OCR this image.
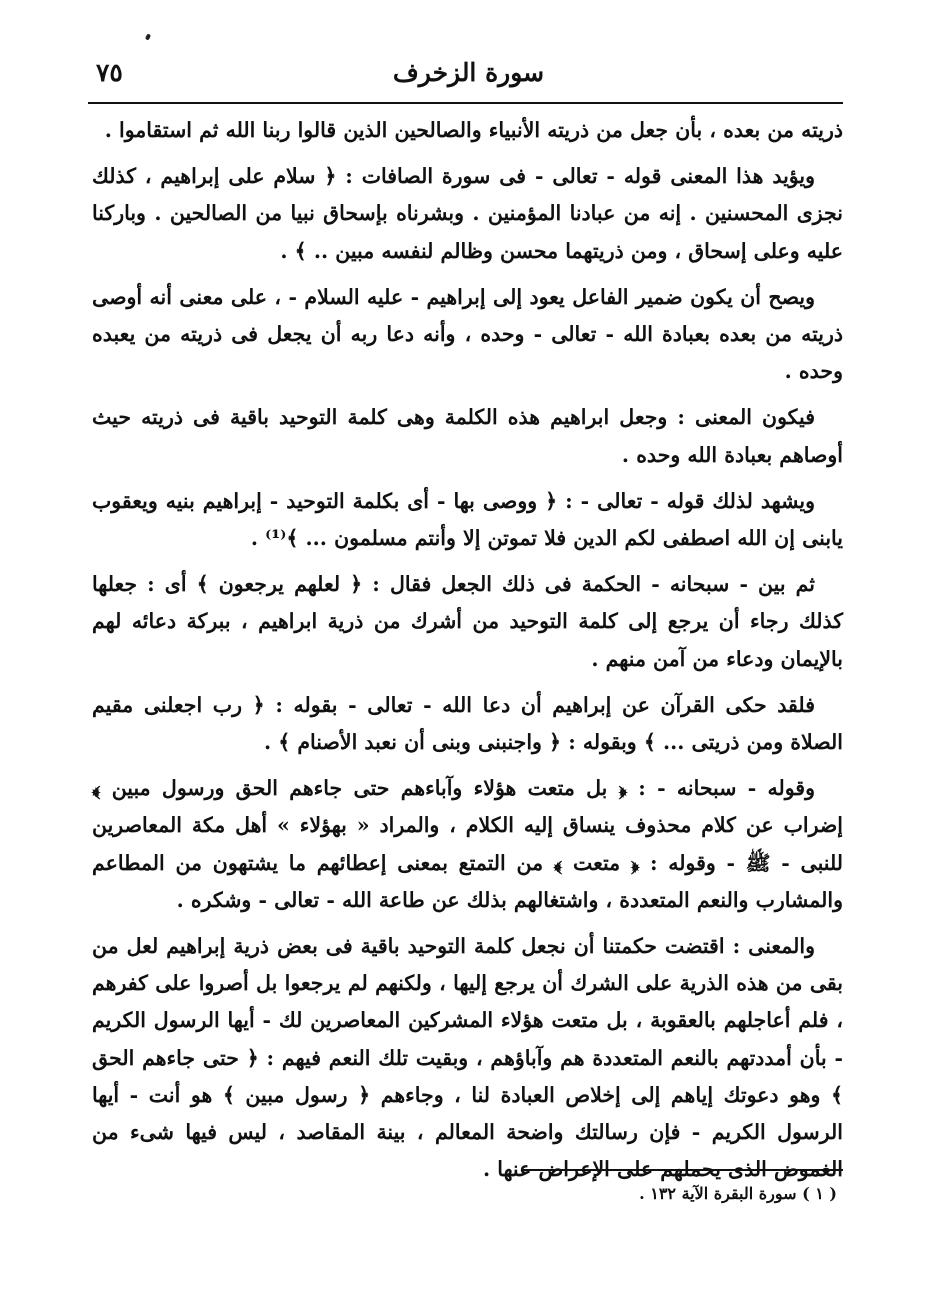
سورة الزخرف
٧٥

ذريته من بعده ، بأن جعل من ذريته الأنبياء والصالحين الذين قالوا ربنا الله ثم استقاموا .

ويؤيد هذا المعنى قوله - تعالى - فى سورة الصافات : ﴿ سلام على إبراهيم ، كذلك نجزى المحسنين . إنه من عبادنا المؤمنين . وبشرناه بإسحاق نبيا من الصالحين . وباركنا عليه وعلى إسحاق ، ومن ذريتهما محسن وظالم لنفسه مبين .. ﴾ .

ويصح أن يكون ضمير الفاعل يعود إلى إبراهيم - عليه السلام - ، على معنى أنه أوصى ذريته من بعده بعبادة الله - تعالى - وحده ، وأنه دعا ربه أن يجعل فى ذريته من يعبده وحده .

فيكون المعنى : وجعل ابراهيم هذه الكلمة وهى كلمة التوحيد باقية فى ذريته حيث أوصاهم بعبادة الله وحده .

ويشهد لذلك قوله - تعالى - : ﴿ ووصى بها - أى بكلمة التوحيد - إبراهيم بنيه ويعقوب يابنى إن الله اصطفى لكم الدين فلا تموتن إلا وأنتم مسلمون ... ﴾⁽¹⁾ .

ثم بين - سبحانه - الحكمة فى ذلك الجعل فقال : ﴿ لعلهم يرجعون ﴾ أى : جعلها كذلك رجاء أن يرجع إلى كلمة التوحيد من أشرك من ذرية ابراهيم ، ببركة دعائه لهم بالإيمان ودعاء من آمن منهم .

فلقد حكى القرآن عن إبراهيم أن دعا الله - تعالى - بقوله : ﴿ رب اجعلنى مقيم الصلاة ومن ذريتى ... ﴾ وبقوله : ﴿ واجنبنى وبنى أن نعبد الأصنام ﴾ .

وقوله - سبحانه - : ﴿ بل متعت هؤلاء وآباءهم حتى جاءهم الحق ورسول مبين ﴾ إضراب عن كلام محذوف ينساق إليه الكلام ، والمراد « بهؤلاء » أهل مكة المعاصرين للنبى - ﷺ - وقوله : ﴿ متعت ﴾ من التمتع بمعنى إعطائهم ما يشتهون من المطاعم والمشارب والنعم المتعددة ، واشتغالهم بذلك عن طاعة الله - تعالى - وشكره .

والمعنى : اقتضت حكمتنا أن نجعل كلمة التوحيد باقية فى بعض ذرية إبراهيم لعل من بقى من هذه الذرية على الشرك أن يرجع إليها ، ولكنهم لم يرجعوا بل أصروا على كفرهم ، فلم أعاجلهم بالعقوبة ، بل متعت هؤلاء المشركين المعاصرين لك - أيها الرسول الكريم - بأن أمددتهم بالنعم المتعددة هم وآباؤهم ، وبقيت تلك النعم فيهم : ﴿ حتى جاءهم الحق ﴾ وهو دعوتك إياهم إلى إخلاص العبادة لنا ، وجاءهم ﴿ رسول مبين ﴾ هو أنت - أيها الرسول الكريم - فإن رسالتك واضحة المعالم ، بينة المقاصد ، ليس فيها شىء من الغموض الذى يحملهم على الإعراض عنها .

( ١ ) سورة البقرة الآية ١٣٢ .
